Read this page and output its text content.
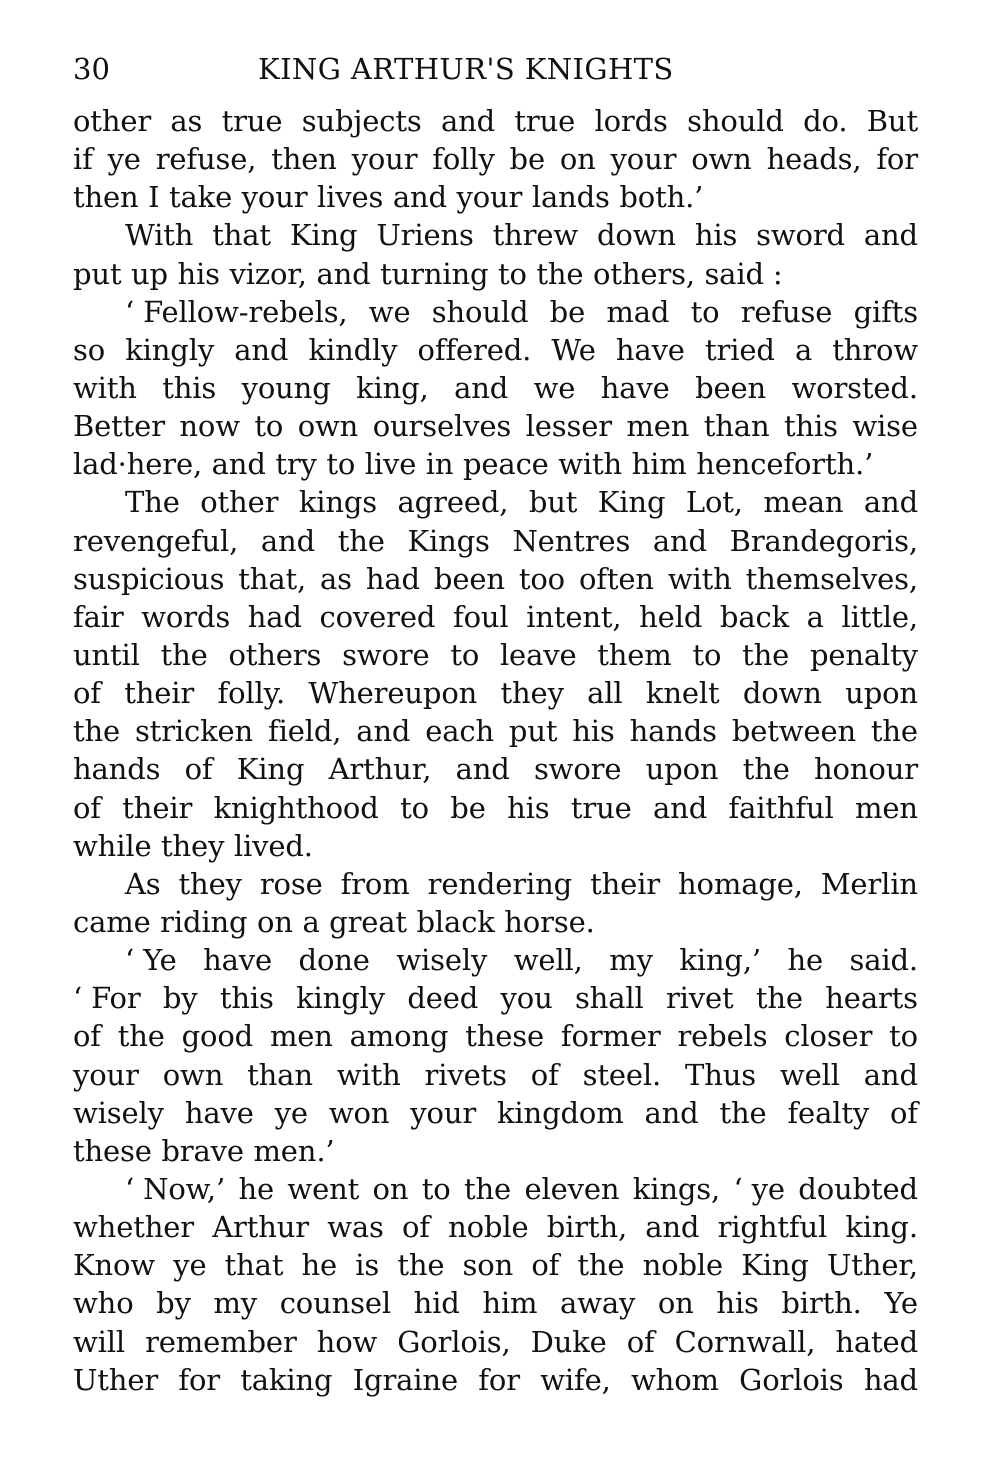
30	KING ARTHUR'S KNIGHTS
other as true subjects and true lords should do. But
if ye refuse, then your folly be on your own heads, for
then I take your lives and your lands both.’
With that King Uriens threw down his sword and
put up his vizor, and turning to the others, said :
‘ Fellow-rebels, we should be mad to refuse gifts
so kingly and kindly offered. We have tried a throw
with this young king, and we have been worsted.
Better now to own ourselves lesser men than this wise
lad·here, and try to live in peace with him henceforth.’
The other kings agreed, but King Lot, mean and
revengeful, and the Kings Nentres and Brandegoris,
suspicious that, as had been too often with themselves,
fair words had covered foul intent, held back a little,
until the others swore to leave them to the penalty
of their folly. Whereupon they all knelt down upon
the stricken field, and each put his hands between the
hands of King Arthur, and swore upon the honour
of their knighthood to be his true and faithful men
while they lived.
As they rose from rendering their homage, Merlin
came riding on a great black horse.
‘ Ye have done wisely well, my king,’ he said.
‘ For by this kingly deed you shall rivet the hearts
of the good men among these former rebels closer to
your own than with rivets of steel. Thus well and
wisely have ye won your kingdom and the fealty of
these brave men.’
‘ Now,’ he went on to the eleven kings, ‘ ye doubted
whether Arthur was of noble birth, and rightful king.
Know ye that he is the son of the noble King Uther,
who by my counsel hid him away on his birth. Ye
will remember how Gorlois, Duke of Cornwall, hated
Uther for taking Igraine for wife, whom Gorlois had
